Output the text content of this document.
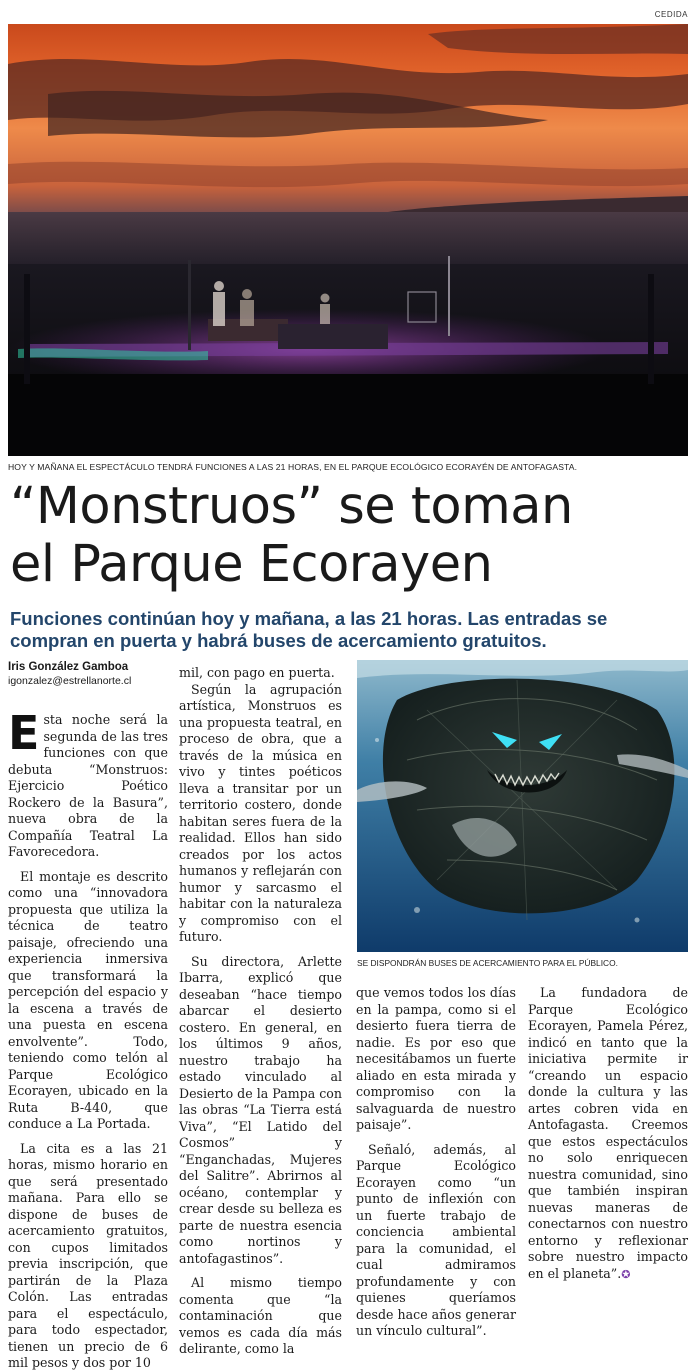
CEDIDA
HOY Y MAÑANA EL ESPECTÁCULO TENDRÁ FUNCIONES A LAS 21 HORAS, EN EL PARQUE ECOLÓGICO ECORAYÉN DE ANTOFAGASTA.
“Monstruos” se toman
el Parque Ecorayen

Funciones continúan hoy y mañana, a las 21 horas. Las entradas se compran en puerta y habrá buses de acercamiento gratuitos.

Iris González Gamboa
igonzalez@estrellanorte.cl

Esta noche será la segunda de las tres funciones con que debuta “Monstruos: Ejercicio Poético Rockero de la Basura”, nueva obra de la Compañía Teatral La Favorecedora.

El montaje es descrito como una “innovadora propuesta que utiliza la técnica de teatro paisaje, ofreciendo una experiencia inmersiva que transformará la percepción del espacio y la escena a través de una puesta en escena envolvente”. Todo, teniendo como telón al Parque Ecológico Ecorayen, ubicado en la Ruta B-440, que conduce a La Portada.

La cita es a las 21 horas, mismo horario en que será presentado mañana. Para ello se dispone de buses de acercamiento gratuitos, con cupos limitados previa inscripción, que partirán de la Plaza Colón. Las entradas para el espectáculo, para todo espectador, tienen un precio de 6 mil pesos y dos por 10

mil, con pago en puerta.

Según la agrupación artística, Monstruos es una propuesta teatral, en proceso de obra, que a través de la música en vivo y tintes poéticos lleva a transitar por un territorio costero, donde habitan seres fuera de la realidad. Ellos han sido creados por los actos humanos y reflejarán con humor y sarcasmo el habitar con la naturaleza y compromiso con el futuro.

Su directora, Arlette Ibarra, explicó que deseaban “hace tiempo abarcar el desierto costero. En general, en los últimos 9 años, nuestro trabajo ha estado vinculado al Desierto de la Pampa con las obras “La Tierra está Viva”, “El Latido del Cosmos” y “Enganchadas, Mujeres del Salitre”. Abrirnos al océano, contemplar y crear desde su belleza es parte de nuestra esencia como nortinos y antofagastinos”.

Al mismo tiempo comenta que “la contaminación que vemos es cada día más delirante, como la

SE DISPONDRÁN BUSES DE ACERCAMIENTO PARA EL PÚBLICO.

que vemos todos los días en la pampa, como si el desierto fuera tierra de nadie. Es por eso que necesitábamos un fuerte aliado en esta mirada y compromiso con la salvaguarda de nuestro paisaje”.

Señaló, además, al Parque Ecológico Ecorayen como “un punto de inflexión con un fuerte trabajo de conciencia ambiental para la comunidad, el cual admiramos profundamente y con quienes queríamos desde hace años generar un vínculo cultural”.

La fundadora de Parque Ecológico Ecorayen, Pamela Pérez, indicó en tanto que la iniciativa permite ir “creando un espacio donde la cultura y las artes cobren vida en Antofagasta. Creemos que estos espectáculos no solo enriquecen nuestra comunidad, sino que también inspiran nuevas maneras de conectarnos con nuestro entorno y reflexionar sobre nuestro impacto en el planeta”.✪
